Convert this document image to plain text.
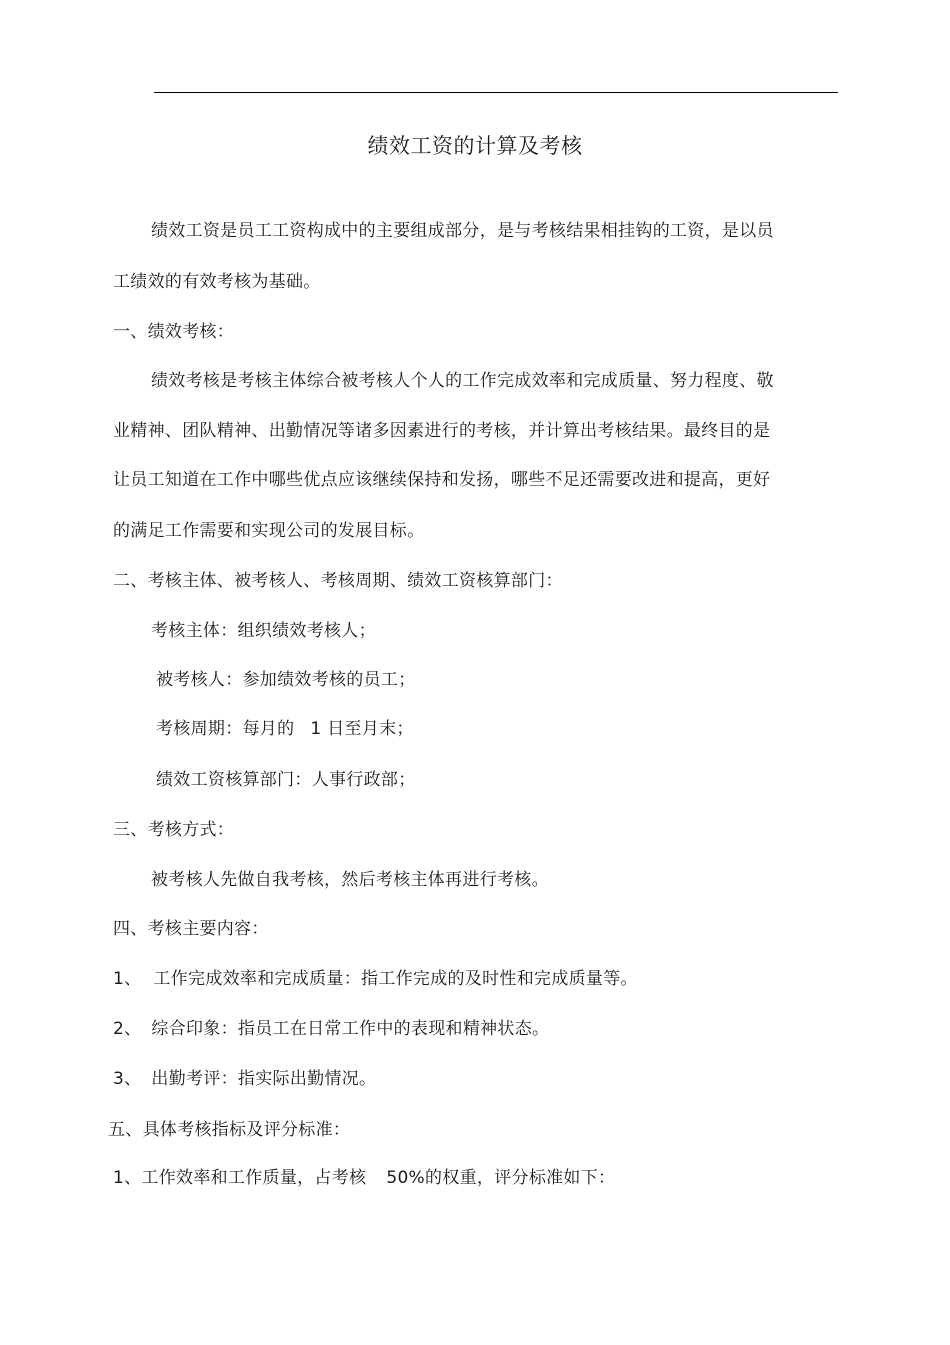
绩效工资的计算及考核
绩效工资是员工工资构成中的主要组成部分，是与考核结果相挂钩的工资，是以员
工绩效的有效考核为基础。
一、绩效考核：
绩效考核是考核主体综合被考核人个人的工作完成效率和完成质量、努力程度、敬
业精神、团队精神、出勤情况等诸多因素进行的考核，并计算出考核结果。最终目的是
让员工知道在工作中哪些优点应该继续保持和发扬，哪些不足还需要改进和提高，更好
的满足工作需要和实现公司的发展目标。
二、考核主体、被考核人、考核周期、绩效工资核算部门：
考核主体：组织绩效考核人；
被考核人：参加绩效考核的员工；
考核周期：每月的 1 日至月末；
绩效工资核算部门：人事行政部；
三、考核方式：
被考核人先做自我考核，然后考核主体再进行考核。
四、考核主要内容：
1、 工作完成效率和完成质量：指工作完成的及时性和完成质量等。
2、 综合印象：指员工在日常工作中的表现和精神状态。
3、 出勤考评：指实际出勤情况。
五、具体考核指标及评分标准：
1、工作效率和工作质量，占考核 50%的权重，评分标准如下：
